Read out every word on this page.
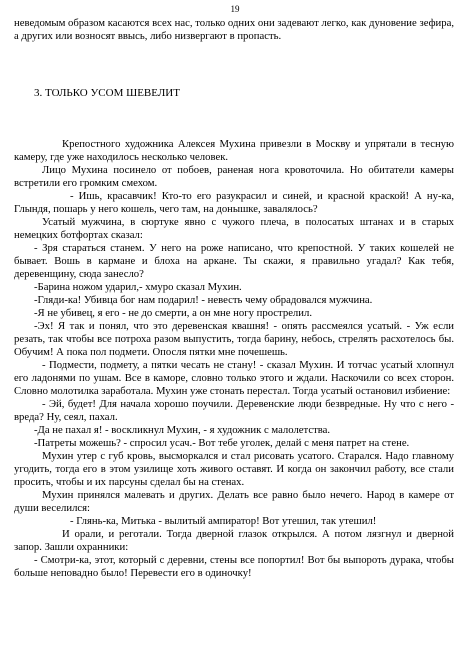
19

неведомым образом касаются всех нас, только одних они задевают легко, как дуновение зефира, а других или возносят ввысь, либо низвергают в пропасть.

3. ТОЛЬКО УСОМ ШЕВЕЛИТ

Крепостного художника Алексея Мухина привезли в Москву и упрятали в тесную камеру, где уже находилось несколько человек.

Лицо Мухина посинело от побоев, раненая нога кровоточила. Но обитатели камеры встретили его громким смехом.

- Ишь, красавчик! Кто-то его разукрасил и синей, и красной краской! А ну-ка, Глындя, пошарь у него кошель, чего там, на донышке, завалялось?

Усатый мужчина, в сюртуке явно с чужого плеча, в полосатых штанах и в старых немецких ботфортах сказал:

- Зря стараться станем. У него на роже написано, что крепостной. У таких кошелей не бывает. Вошь в кармане и блоха на аркане. Ты скажи, я правильно угадал? Как тебя, деревенщину, сюда занесло?

-Барина ножом ударил,- хмуро сказал Мухин.

-Гляди-ка! Убивца бог нам подарил! - невесть чему обрадовался мужчина.

-Я не убивец, я его - не до смерти, а он мне ногу прострелил.

-Эх! Я так и понял, что это деревенская квашня! - опять рассмеялся усатый. - Уж если резать, так чтобы все потроха разом выпустить, тогда барину, небось, стрелять расхотелось бы. Обучим! А пока пол подмети. Опосля пятки мне почешешь.

- Подмести, подмету, а пятки чесать не стану! - сказал Мухин. И тотчас усатый хлопнул его ладонями по ушам. Все в каморе, словно только этого и ждали. Наскочили со всех сторон. Словно молотилка заработала. Мухин уже стонать перестал. Тогда усатый остановил избиение:

- Эй, будет! Для начала хорошо поучили. Деревенские люди безвредные. Ну что с него - вреда? Ну, сеял, пахал.

-Да не пахал я! - воскликнул Мухин, - я художник с малолетства.

-Патреты можешь? - спросил усач.- Вот тебе уголек, делай с меня патрет на стене.

Мухин утер с губ кровь, высморкался и стал рисовать усатого. Старался. Надо главному угодить, тогда его в этом узилище хоть живого оставят. И когда он закончил работу, все стали просить, чтобы и их парсуны сделал бы на стенах.

Мухин принялся малевать и других. Делать все равно было нечего. Народ в камере от души веселился:

- Глянь-ка, Митька - вылитый ампиратор! Вот утешил, так утешил!

И орали, и реготали. Тогда дверной глазок открылся. А потом лязгнул и дверной запор. Зашли охранники:

- Смотри-ка, этот, который с деревни, стены все попортил! Вот бы выпороть дурака, чтобы больше неповадно было! Перевести его в одиночку!
